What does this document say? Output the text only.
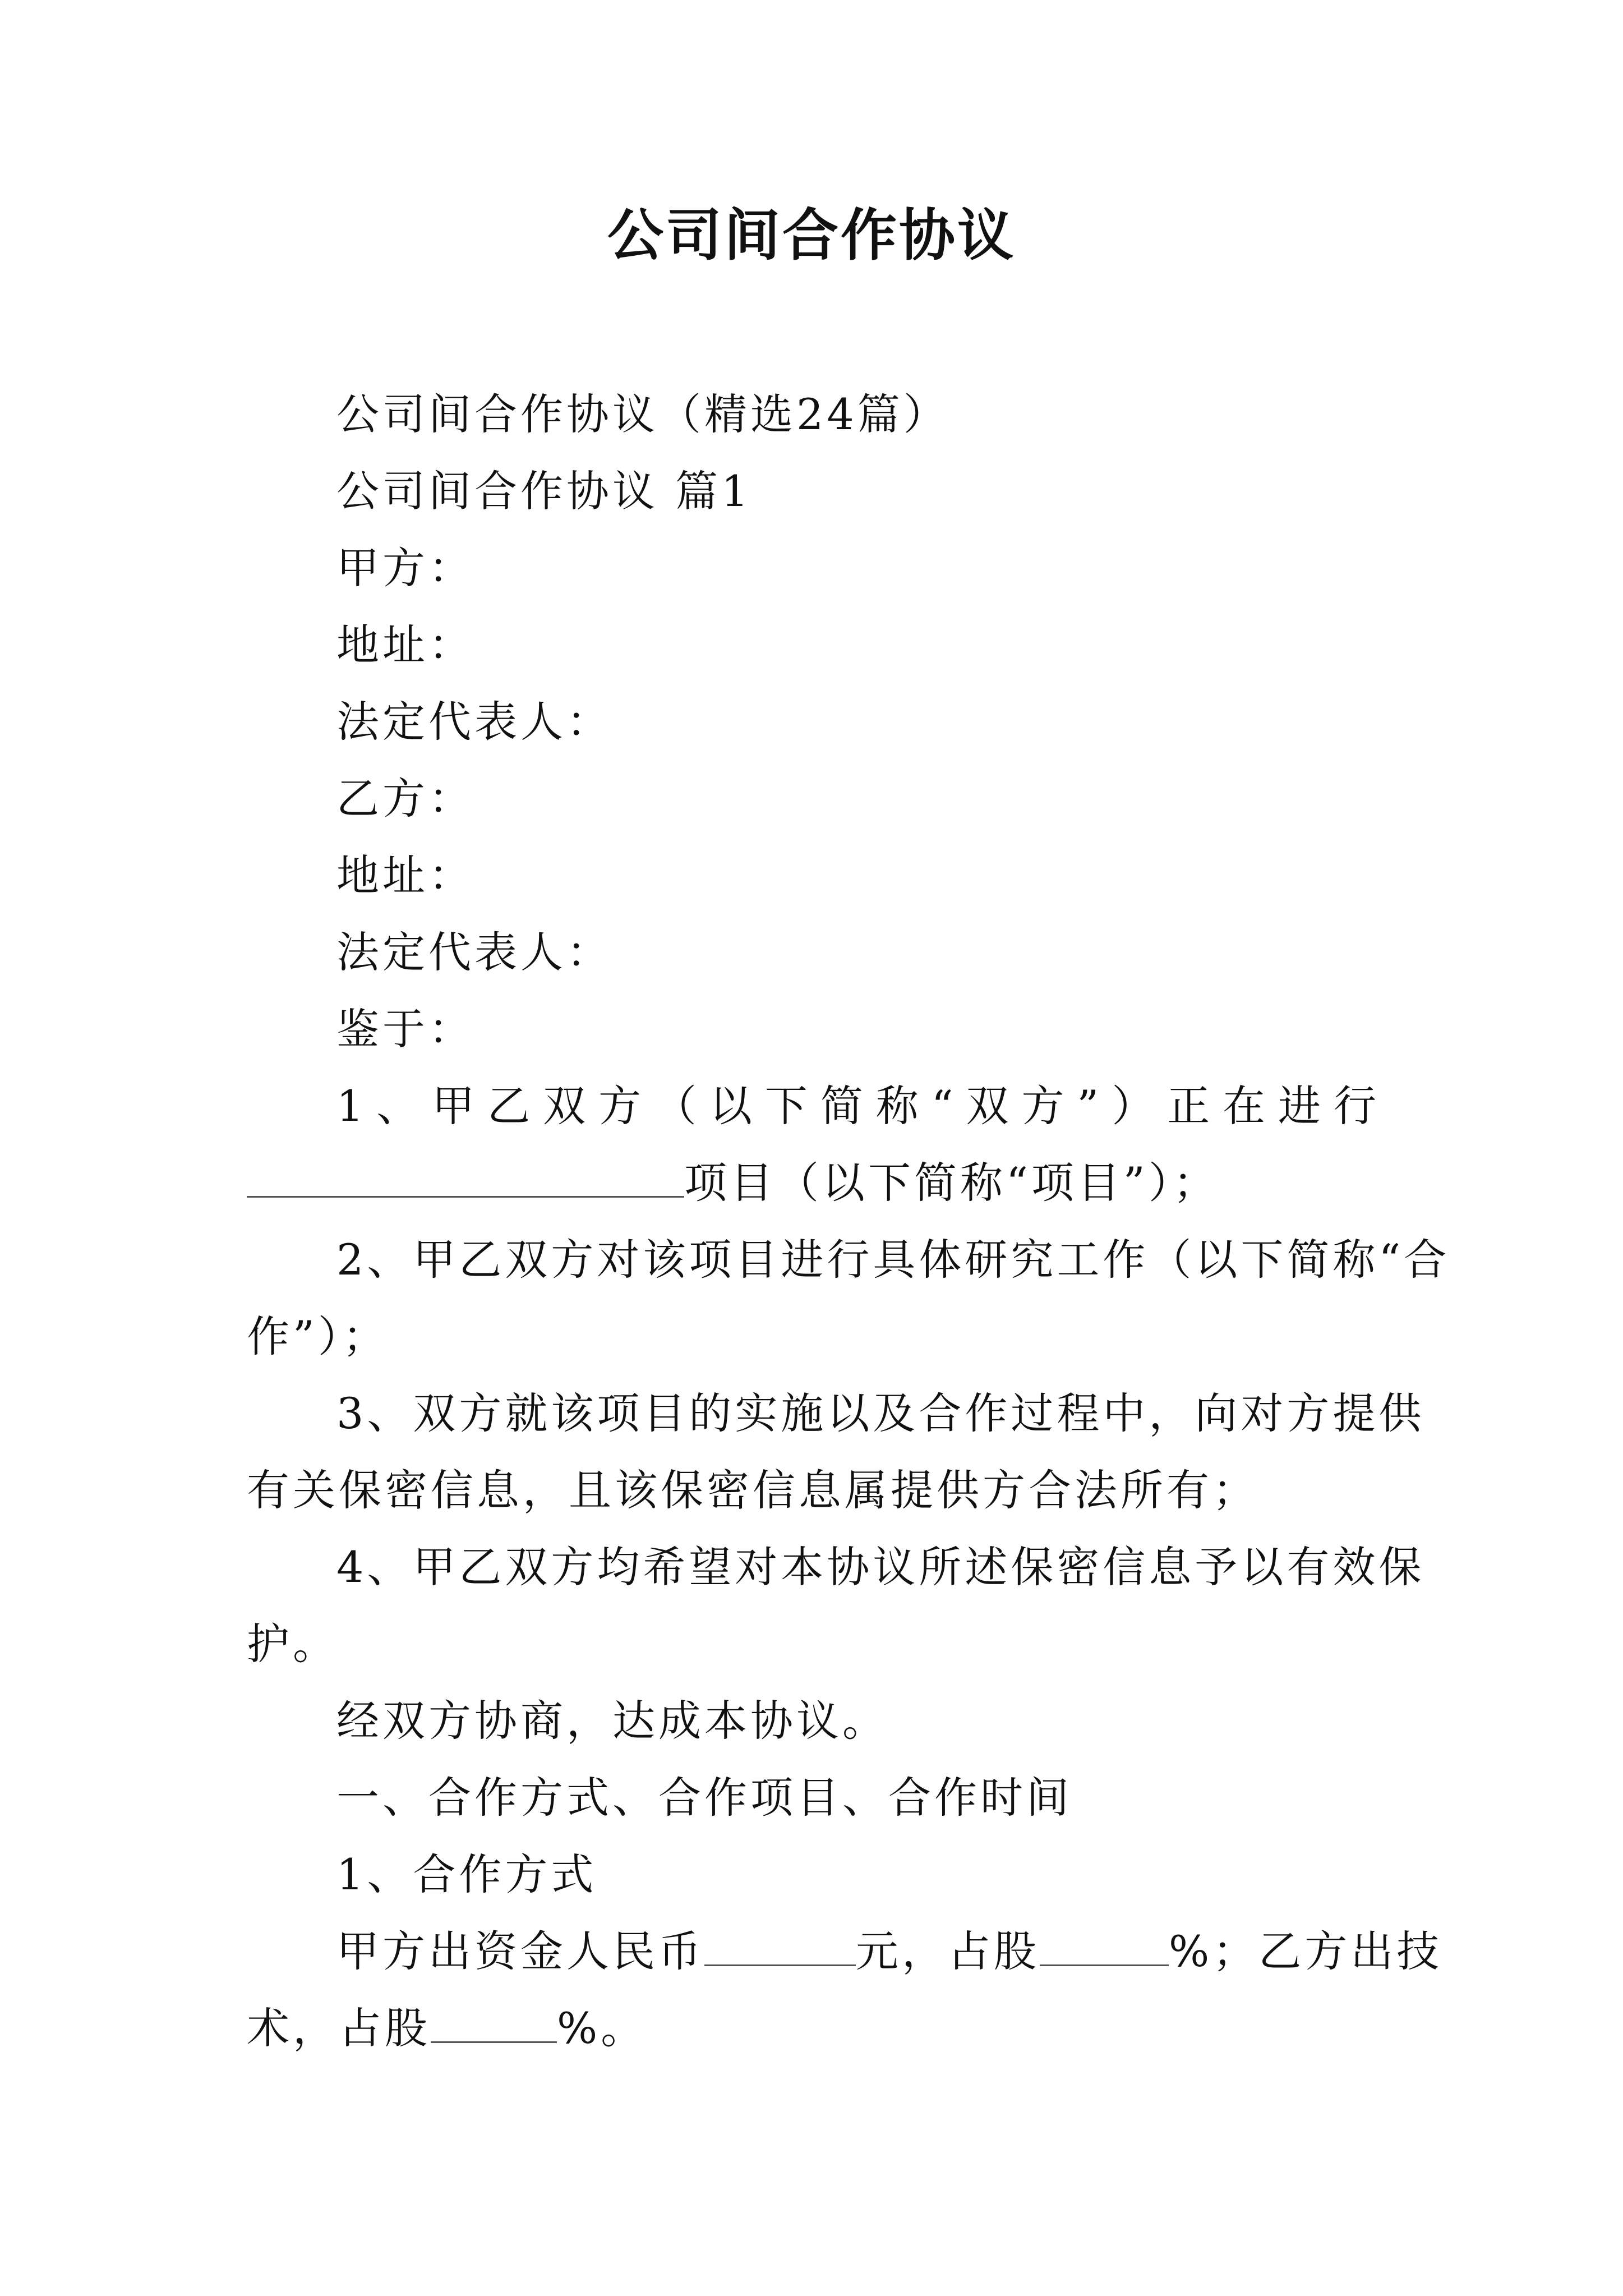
公司间合作协议
公司间合作协议（精选24篇）
公司间合作协议 篇1
甲方：
地址：
法定代表人：
乙方：
地址：
法定代表人：
鉴于：
1、甲乙双方（以下简称“双方”）正在进行
项目（以下简称“项目”）；
2、甲乙双方对该项目进行具体研究工作（以下简称“合
作”）；
3、双方就该项目的实施以及合作过程中，向对方提供
有关保密信息，且该保密信息属提供方合法所有；
4、甲乙双方均希望对本协议所述保密信息予以有效保
护。
经双方协商，达成本协议。
一、合作方式、合作项目、合作时间
1、合作方式
甲方出资金人民币	元，占股	%；乙方出技
术，占股	%。
